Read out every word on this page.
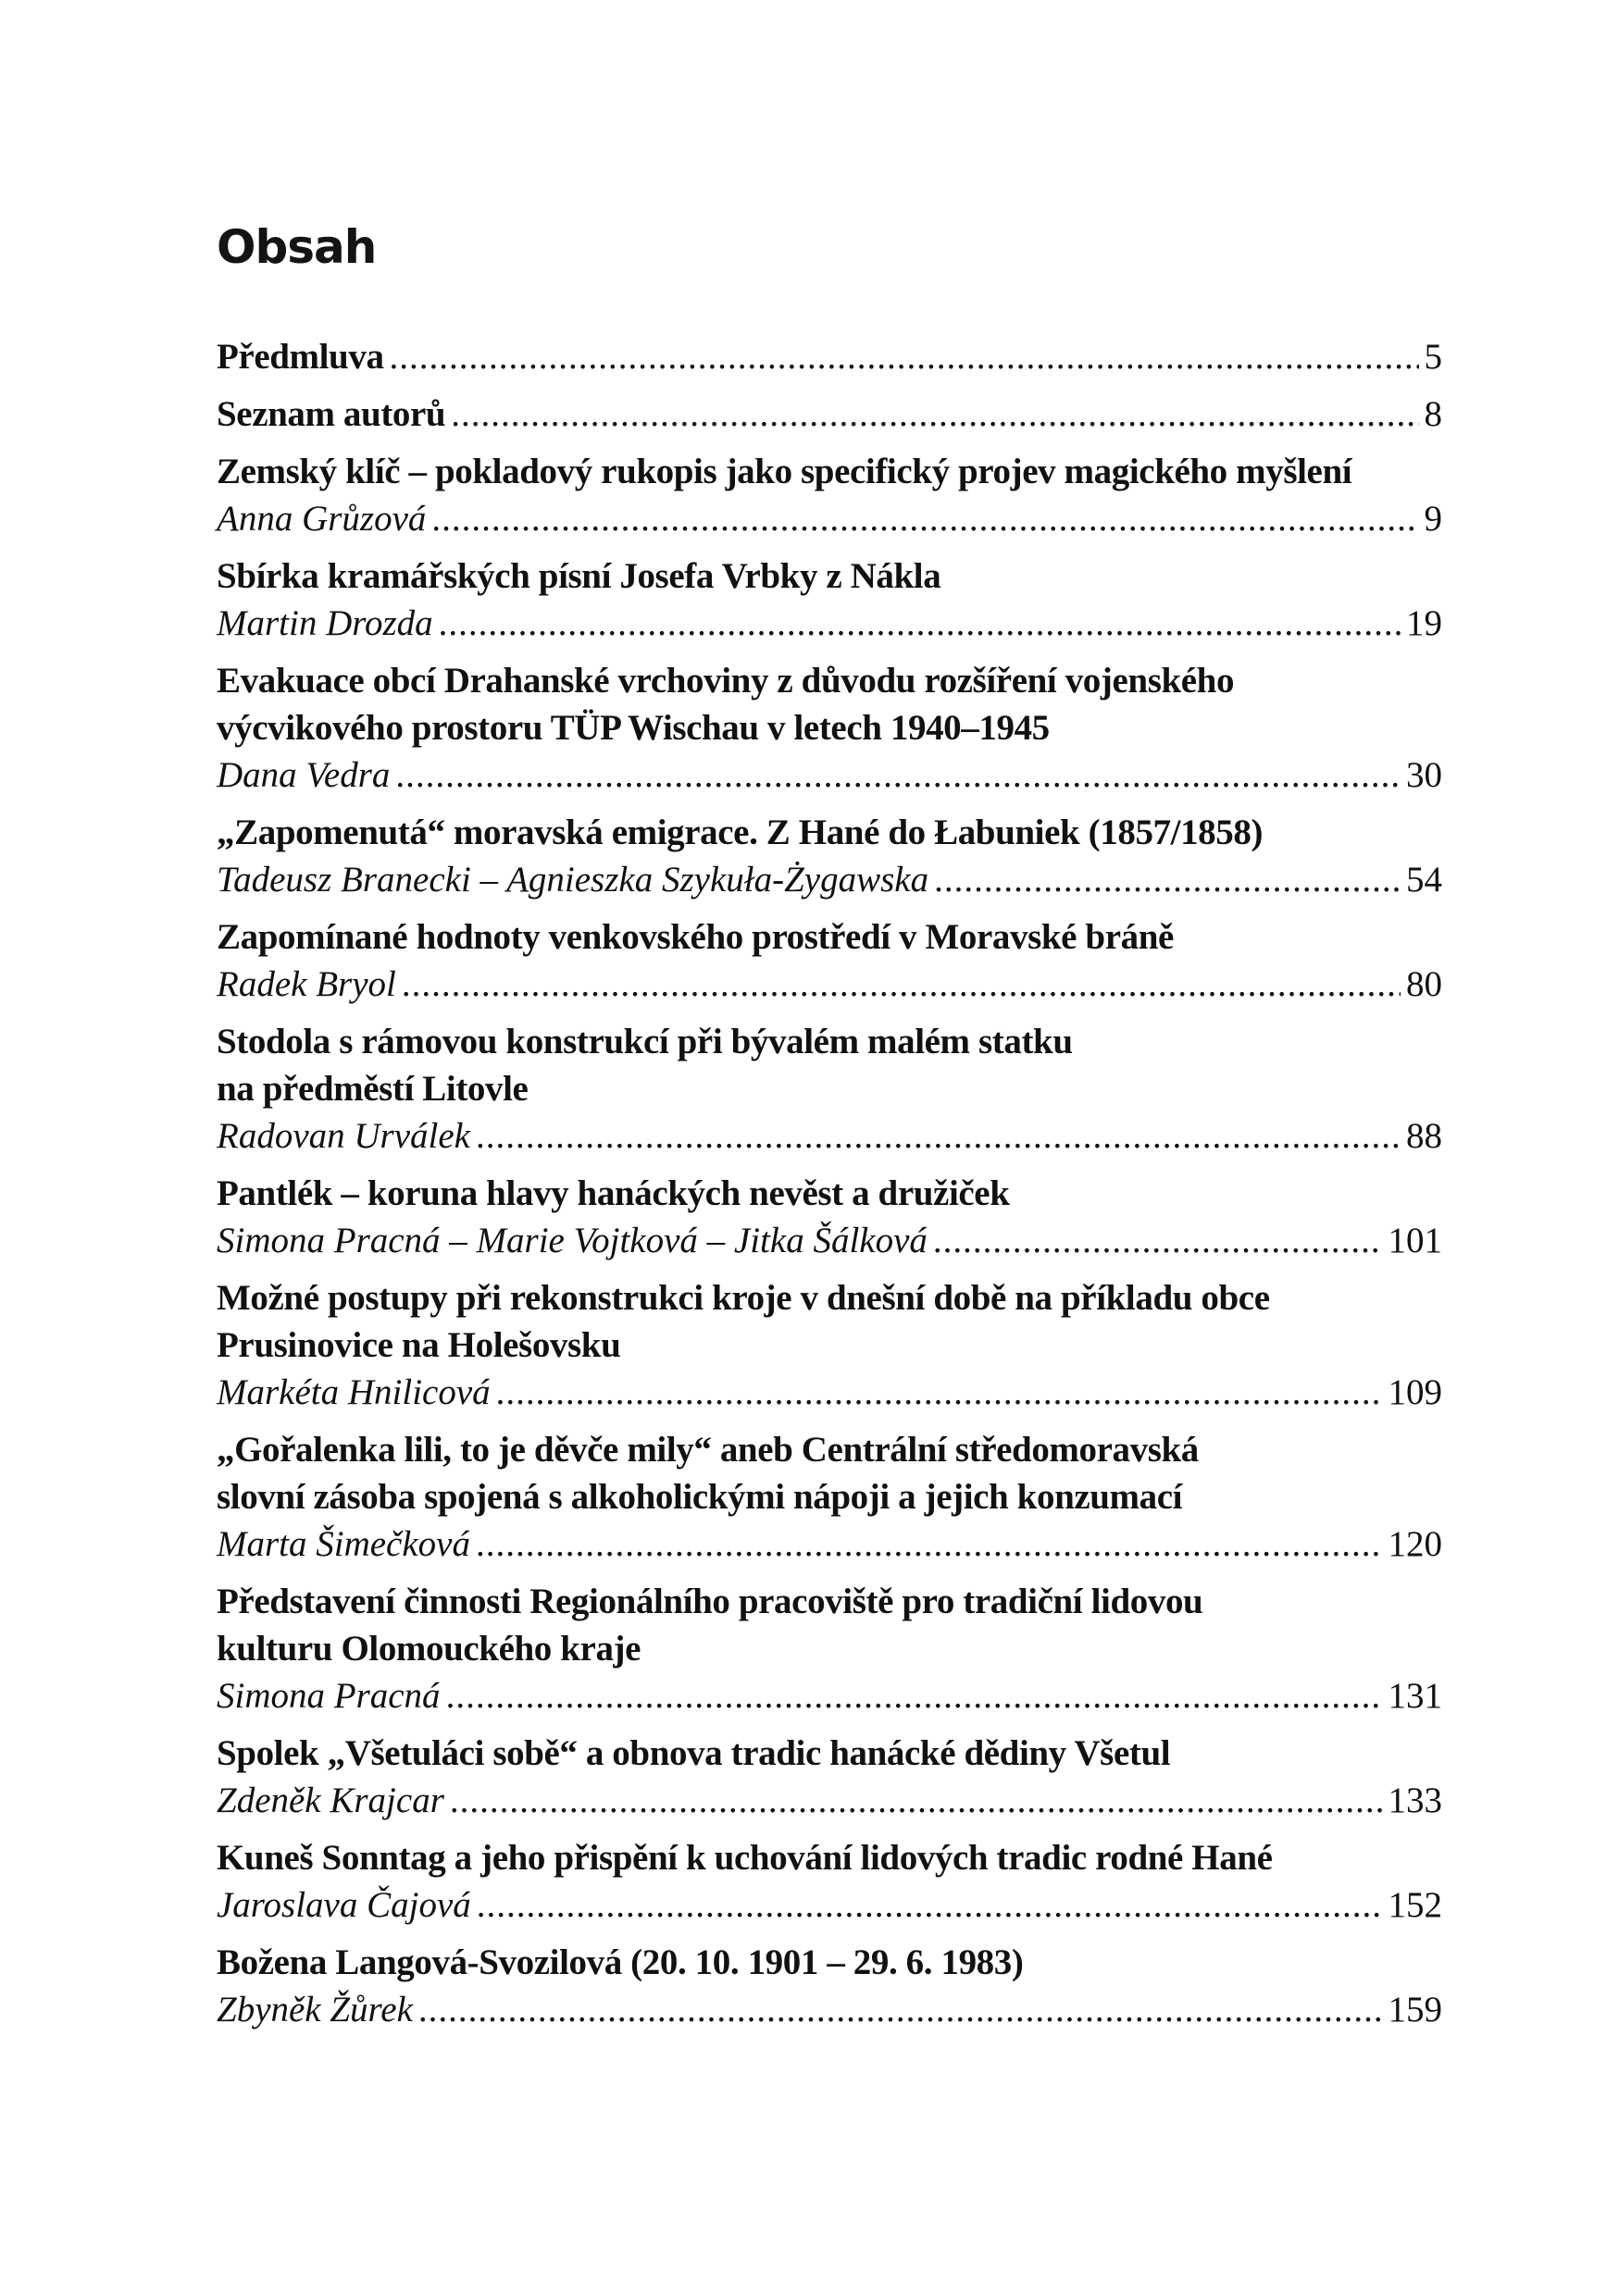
Obsah
Předmluva .....	5
Seznam autorů .....	8
Zemský klíč – pokladový rukopis jako specifický projev magického myšlení
Anna Grůzová .....	9
Sbírka kramářských písní Josefa Vrbky z Nákla
Martin Drozda .....	19
Evakuace obcí Drahanské vrchoviny z důvodu rozšíření vojenského
výcvikového prostoru TÜP Wischau v letech 1940–1945
Dana Vedra .....	30
„Zapomenutá“ moravská emigrace. Z Hané do Łabuniek (1857/1858)
Tadeusz Branecki – Agnieszka Szykuła-Żygawska .....	54
Zapomínané hodnoty venkovského prostředí v Moravské bráně
Radek Bryol .....	80
Stodola s rámovou konstrukcí při bývalém malém statku
na předměstí Litovle
Radovan Urválek .....	88
Pantlék – koruna hlavy hanáckých nevěst a družiček
Simona Pracná – Marie Vojtková – Jitka Šálková .....	101
Možné postupy při rekonstrukci kroje v dnešní době na příkladu obce
Prusinovice na Holešovsku
Markéta Hnilicová .....	109
„Gořalenka lili, to je děvče mily“ aneb Centrální středomoravská
slovní zásoba spojená s alkoholickými nápoji a jejich konzumací
Marta Šimečková .....	120
Představení činnosti Regionálního pracoviště pro tradiční lidovou
kulturu Olomouckého kraje
Simona Pracná .....	131
Spolek „Všetuláci sobě“ a obnova tradic hanácké dědiny Všetul
Zdeněk Krajcar .....	133
Kuneš Sonntag a jeho přispění k uchování lidových tradic rodné Hané
Jaroslava Čajová .....	152
Božena Langová-Svozilová (20. 10. 1901 – 29. 6. 1983)
Zbyněk Žůrek .....	159
